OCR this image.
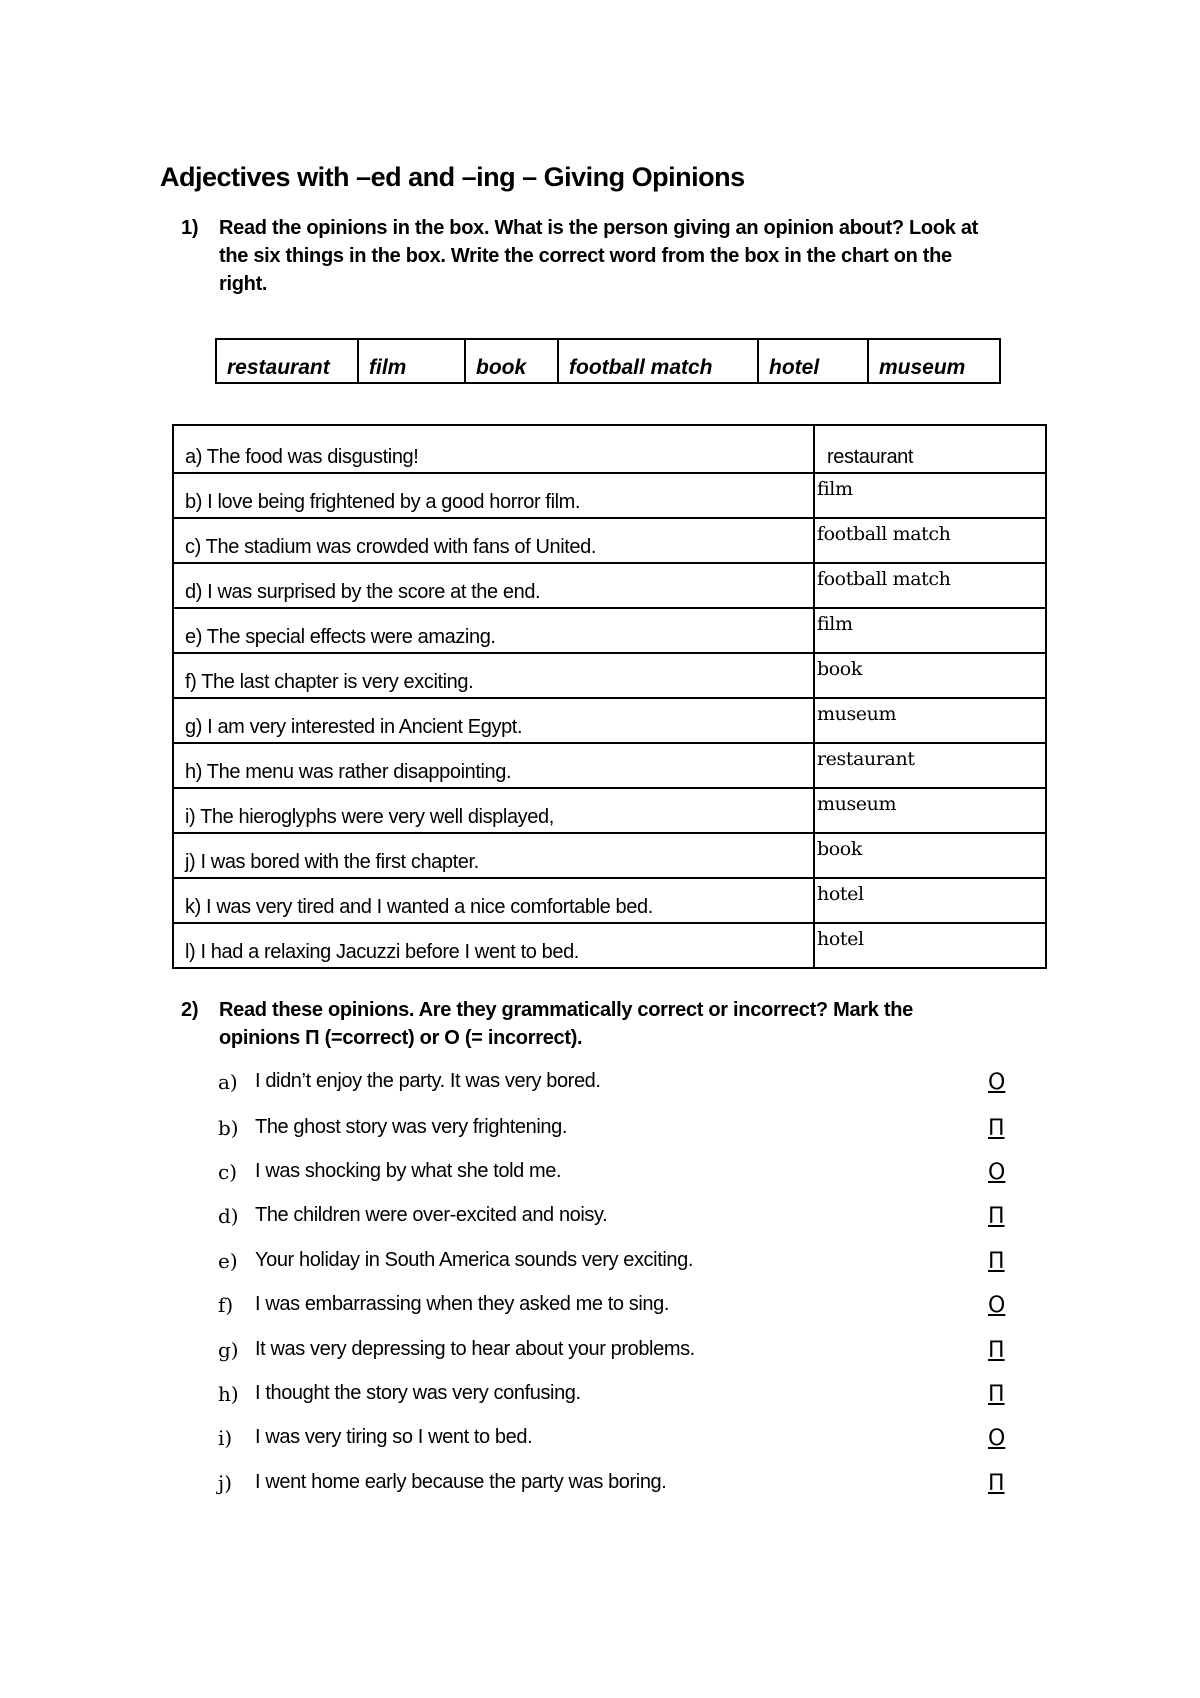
Adjectives with –ed and –ing – Giving Opinions
1) Read the opinions in the box. What is the person giving an opinion about? Look at the six things in the box. Write the correct word from the box in the chart on the right.
restaurant	film	book	football match	hotel	museum
a) The food was disgusting!	restaurant
b) I love being frightened by a good horror film.	film
c) The stadium was crowded with fans of United.	football match
d) I was surprised by the score at the end.	football match
e) The special effects were amazing.	film
f) The last chapter is very exciting.	book
g) I am very interested in Ancient Egypt.	museum
h) The menu was rather disappointing.	restaurant
i) The hieroglyphs were very well displayed,	museum
j) I was bored with the first chapter.	book
k) I was very tired and I wanted a nice comfortable bed.	hotel
l) I had a relaxing Jacuzzi before I went to bed.	hotel
2) Read these opinions. Are they grammatically correct or incorrect? Mark the opinions Π (=correct) or Ο (= incorrect).
a) I didn’t enjoy the party. It was very bored.	Ο
b) The ghost story was very frightening.	Π
c) I was shocking by what she told me.	Ο
d) The children were over-excited and noisy.	Π
e) Your holiday in South America sounds very exciting.	Π
f) I was embarrassing when they asked me to sing.	Ο
g) It was very depressing to hear about your problems.	Π
h) I thought the story was very confusing.	Π
i) I was very tiring so I went to bed.	Ο
j) I went home early because the party was boring.	Π
